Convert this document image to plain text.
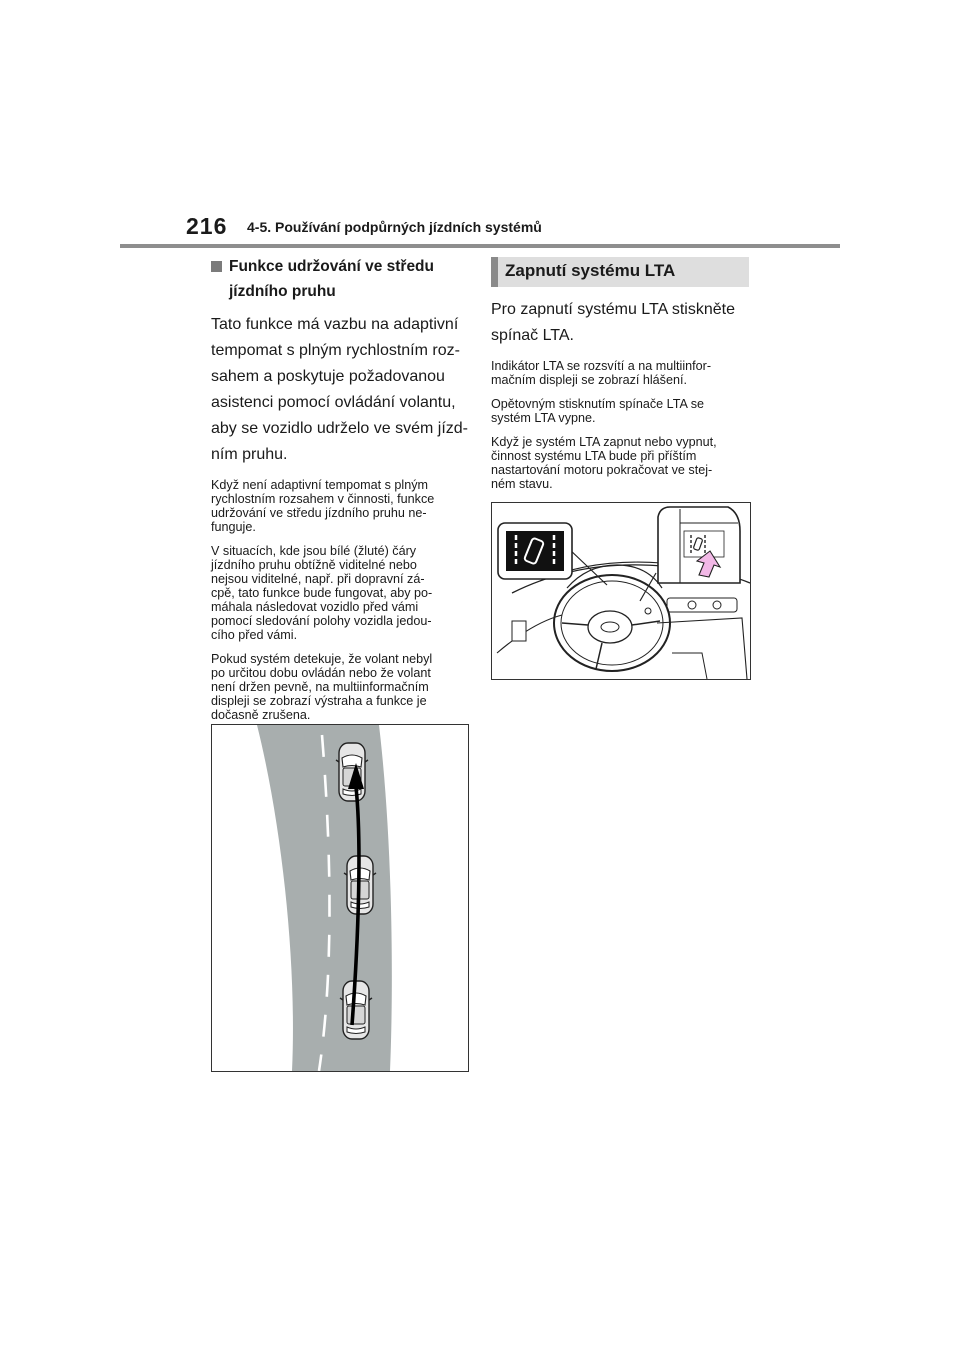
216 4-5. Používání podpůrných jízdních systémů
Funkce udržování ve středu
jízdního pruhu
Tato funkce má vazbu na adaptivní
tempomat s plným rychlostním roz-
sahem a poskytuje požadovanou
asistenci pomocí ovládání volantu,
aby se vozidlo udrželo ve svém jízd-
ním pruhu.
Když není adaptivní tempomat s plným
rychlostním rozsahem v činnosti, funkce
udržování ve středu jízdního pruhu ne-
funguje.
V situacích, kde jsou bílé (žluté) čáry
jízdního pruhu obtížně viditelné nebo
nejsou viditelné, např. při dopravní zá-
cpě, tato funkce bude fungovat, aby po-
máhala následovat vozidlo před vámi
pomocí sledování polohy vozidla jedou-
cího před vámi.
Pokud systém detekuje, že volant nebyl
po určitou dobu ovládán nebo že volant
není držen pevně, na multiinformačním
displeji se zobrazí výstraha a funkce je
dočasně zrušena.
Zapnutí systému LTA
Pro zapnutí systému LTA stiskněte
spínač LTA.
Indikátor LTA se rozsvítí a na multiinfor-
mačním displeji se zobrazí hlášení.
Opětovným stisknutím spínače LTA se
systém LTA vypne.
Když je systém LTA zapnut nebo vypnut,
činnost systému LTA bude při příštím
nastartování motoru pokračovat ve stej-
ném stavu.
